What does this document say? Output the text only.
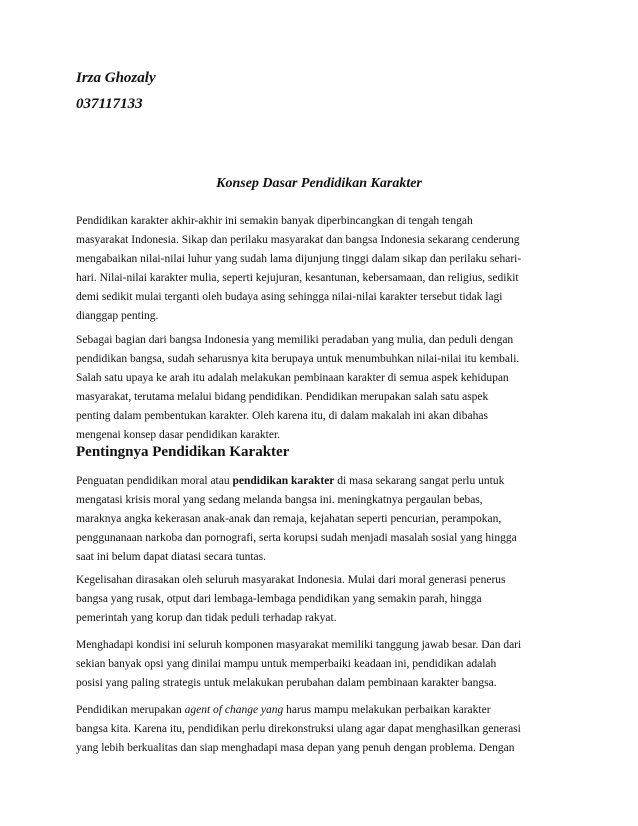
Irza Ghozaly

037117133

Konsep Dasar Pendidikan Karakter

Pendidikan karakter akhir-akhir ini semakin banyak diperbincangkan di tengah tengah
masyarakat Indonesia. Sikap dan perilaku masyarakat dan bangsa Indonesia sekarang cenderung
mengabaikan nilai-nilai luhur yang sudah lama dijunjung tinggi dalam sikap dan perilaku sehari-
hari. Nilai-nilai karakter mulia, seperti kejujuran, kesantunan, kebersamaan, dan religius, sedikit
demi sedikit mulai terganti oleh budaya asing sehingga nilai-nilai karakter tersebut tidak lagi
dianggap penting.

Sebagai bagian dari bangsa Indonesia yang memiliki peradaban yang mulia, dan peduli dengan
pendidikan bangsa, sudah seharusnya kita berupaya untuk menumbuhkan nilai-nilai itu kembali.
Salah satu upaya ke arah itu adalah melakukan pembinaan karakter di semua aspek kehidupan
masyarakat, terutama melalui bidang pendidikan. Pendidikan merupakan salah satu aspek
penting dalam pembentukan karakter. Oleh karena itu, di dalam makalah ini akan dibahas
mengenai konsep dasar pendidikan karakter.

Pentingnya Pendidikan Karakter

Penguatan pendidikan moral atau pendidikan karakter di masa sekarang sangat perlu untuk
mengatasi krisis moral yang sedang melanda bangsa ini. meningkatnya pergaulan bebas,
maraknya angka kekerasan anak-anak dan remaja, kejahatan seperti pencurian, perampokan,
penggunanaan narkoba dan pornografi, serta korupsi sudah menjadi masalah sosial yang hingga
saat ini belum dapat diatasi secara tuntas.

Kegelisahan dirasakan oleh seluruh masyarakat Indonesia. Mulai dari moral generasi penerus
bangsa yang rusak, otput dari lembaga-lembaga pendidikan yang semakin parah, hingga
pemerintah yang korup dan tidak peduli terhadap rakyat.

Menghadapi kondisi ini seluruh komponen masyarakat memiliki tanggung jawab besar. Dan dari
sekian banyak opsi yang dinilai mampu untuk memperbaiki keadaan ini, pendidikan adalah
posisi yang paling strategis untuk melakukan perubahan dalam pembinaan karakter bangsa.

Pendidikan merupakan agent of change yang harus mampu melakukan perbaikan karakter
bangsa kita. Karena itu, pendidikan perlu direkonstruksi ulang agar dapat menghasilkan generasi
yang lebih berkualitas dan siap menghadapi masa depan yang penuh dengan problema. Dengan
